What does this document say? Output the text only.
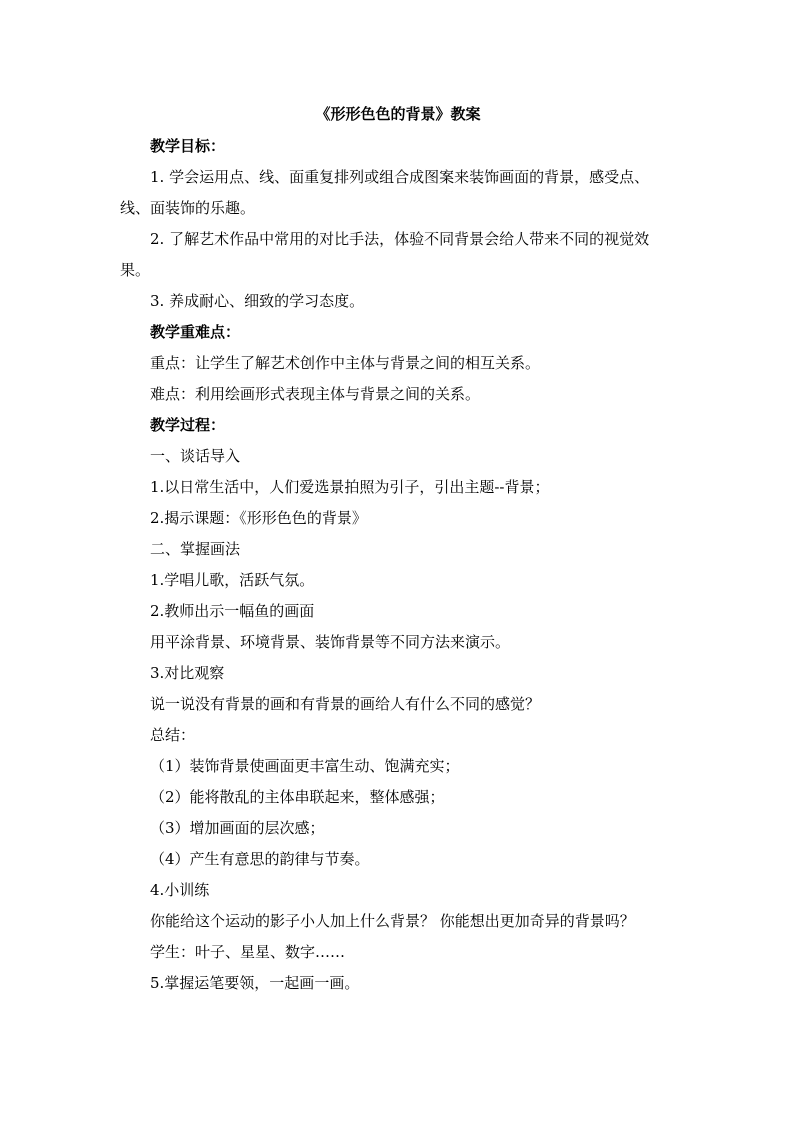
《形形色色的背景》教案
教学目标：
1. 学会运用点、线、面重复排列或组合成图案来装饰画面的背景，感受点、线、面装饰的乐趣。
2. 了解艺术作品中常用的对比手法，体验不同背景会给人带来不同的视觉效果。
3. 养成耐心、细致的学习态度。
教学重难点：
重点：让学生了解艺术创作中主体与背景之间的相互关系。
难点：利用绘画形式表现主体与背景之间的关系。
教学过程：
一、谈话导入
1.以日常生活中，人们爱选景拍照为引子，引出主题--背景；
2.揭示课题：《形形色色的背景》
二、掌握画法
1.学唱儿歌，活跃气氛。
2.教师出示一幅鱼的画面
用平涂背景、环境背景、装饰背景等不同方法来演示。
3.对比观察
说一说没有背景的画和有背景的画给人有什么不同的感觉？
总结：
（1）装饰背景使画面更丰富生动、饱满充实；
（2）能将散乱的主体串联起来，整体感强；
（3）增加画面的层次感；
（4）产生有意思的韵律与节奏。
4.小训练
你能给这个运动的影子小人加上什么背景？ 你能想出更加奇异的背景吗？
学生：叶子、星星、数字……
5.掌握运笔要领，一起画一画。
